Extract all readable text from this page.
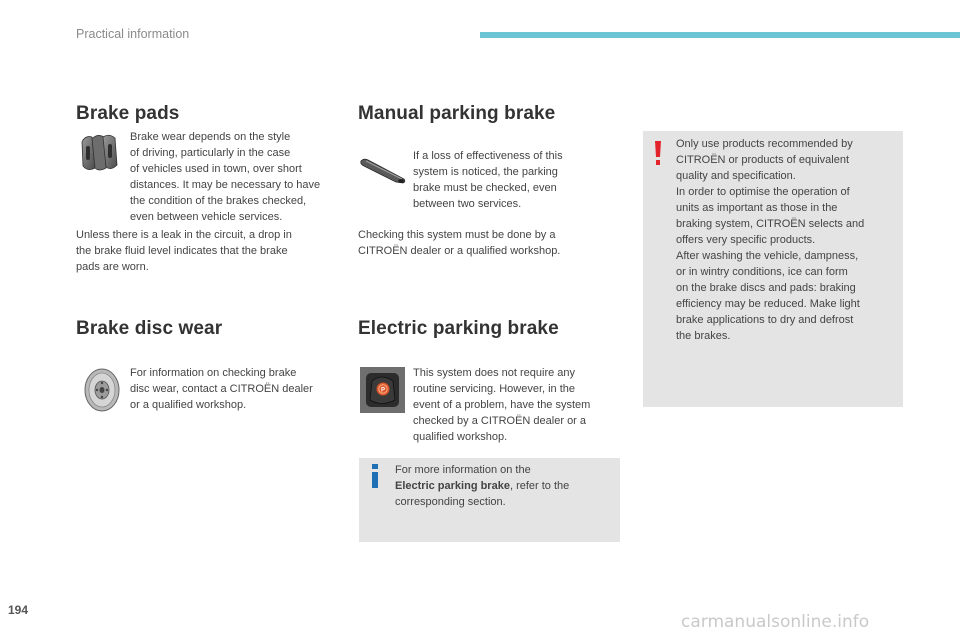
Practical information
Brake pads

Brake wear depends on the style

of driving, particularly in the case

of vehicles used in town, over short

distances. It may be necessary to have

the condition of the brakes checked,

even between vehicle services.

Unless there is a leak in the circuit, a drop in

the brake fluid level indicates that the brake

pads are worn.

Brake disc wear

For information on checking brake

disc wear, contact a CITROËN dealer

or a qualified workshop.

Manual parking brake

If a loss of effectiveness of this

system is noticed, the parking

brake must be checked, even

between two services.

Checking this system must be done by a

CITROËN dealer or a qualified workshop.

Electric parking brake
P

This system does not require any

routine servicing. However, in the

event of a problem, have the system

checked by a CITROËN dealer or a

qualified workshop.

For more information on the

Electric parking brake, refer to the

corresponding section.

Only use products recommended by

CITROËN or products of equivalent

quality and specification.

In order to optimise the operation of

units as important as those in the

braking system, CITROËN selects and

offers very specific products.

After washing the vehicle, dampness,

or in wintry conditions, ice can form

on the brake discs and pads: braking

efficiency may be reduced. Make light

brake applications to dry and defrost

the brakes.

194
carmanualsonline.info
